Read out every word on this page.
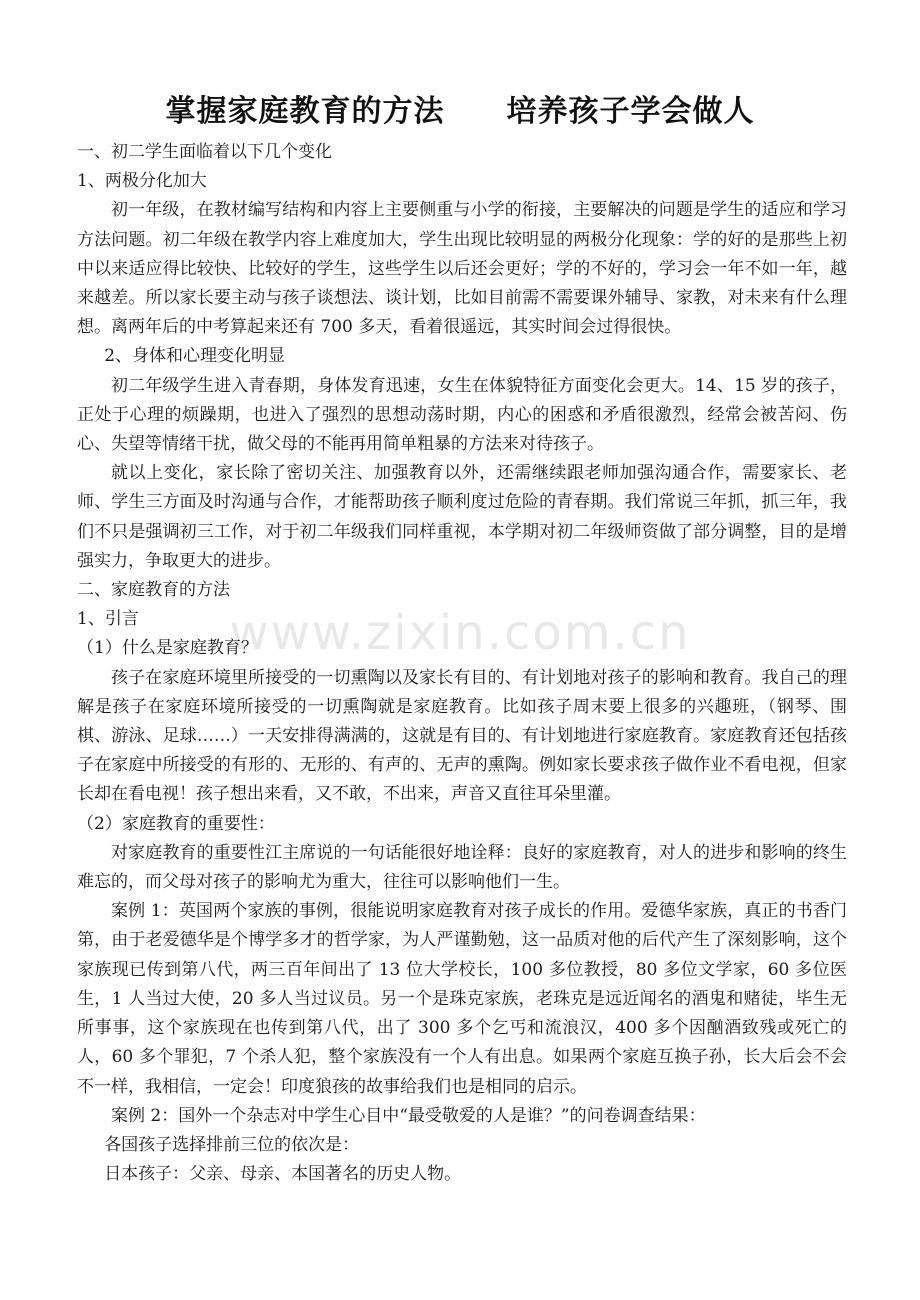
掌握家庭教育的方法　　培养孩子学会做人
www.zixin.com.cn

一、初二学生面临着以下几个变化

1、两极分化加大

初一年级，在教材编写结构和内容上主要侧重与小学的衔接，主要解决的问题是学生的适应和学习方法问题。初二年级在教学内容上难度加大，学生出现比较明显的两极分化现象：学的好的是那些上初中以来适应得比较快、比较好的学生，这些学生以后还会更好；学的不好的，学习会一年不如一年，越来越差。所以家长要主动与孩子谈想法、谈计划，比如目前需不需要课外辅导、家教，对未来有什么理想。离两年后的中考算起来还有 700 多天，看着很遥远，其实时间会过得很快。

2、身体和心理变化明显

初二年级学生进入青春期，身体发育迅速，女生在体貌特征方面变化会更大。14、15 岁的孩子，正处于心理的烦躁期，也进入了强烈的思想动荡时期，内心的困惑和矛盾很激烈，经常会被苦闷、伤心、失望等情绪干扰，做父母的不能再用简单粗暴的方法来对待孩子。

就以上变化，家长除了密切关注、加强教育以外，还需继续跟老师加强沟通合作，需要家长、老师、学生三方面及时沟通与合作，才能帮助孩子顺利度过危险的青春期。我们常说三年抓，抓三年，我们不只是强调初三工作，对于初二年级我们同样重视，本学期对初二年级师资做了部分调整，目的是增强实力，争取更大的进步。

二、家庭教育的方法

1、引言

（1）什么是家庭教育？

孩子在家庭环境里所接受的一切熏陶以及家长有目的、有计划地对孩子的影响和教育。我自己的理解是孩子在家庭环境所接受的一切熏陶就是家庭教育。比如孩子周末要上很多的兴趣班，（钢琴、围棋、游泳、足球……）一天安排得满满的，这就是有目的、有计划地进行家庭教育。家庭教育还包括孩子在家庭中所接受的有形的、无形的、有声的、无声的熏陶。例如家长要求孩子做作业不看电视，但家长却在看电视！孩子想出来看，又不敢，不出来，声音又直往耳朵里灌。

（2）家庭教育的重要性：

对家庭教育的重要性江主席说的一句话能很好地诠释：良好的家庭教育，对人的进步和影响的终生难忘的，而父母对孩子的影响尤为重大，往往可以影响他们一生。

案例 1：英国两个家族的事例，很能说明家庭教育对孩子成长的作用。爱德华家族，真正的书香门第，由于老爱德华是个博学多才的哲学家，为人严谨勤勉，这一品质对他的后代产生了深刻影响，这个家族现已传到第八代，两三百年间出了 13 位大学校长，100 多位教授，80 多位文学家，60 多位医生，1 人当过大使，20 多人当过议员。另一个是珠克家族，老珠克是远近闻名的酒鬼和赌徒，毕生无所事事，这个家族现在也传到第八代，出了 300 多个乞丐和流浪汉，400 多个因酗酒致残或死亡的人，60 多个罪犯，7 个杀人犯，整个家族没有一个人有出息。如果两个家庭互换子孙，长大后会不会不一样，我相信，一定会！印度狼孩的故事给我们也是相同的启示。

案例 2：国外一个杂志对中学生心目中“最受敬爱的人是谁？”的问卷调查结果：

各国孩子选择排前三位的依次是：

日本孩子：父亲、母亲、本国著名的历史人物。
